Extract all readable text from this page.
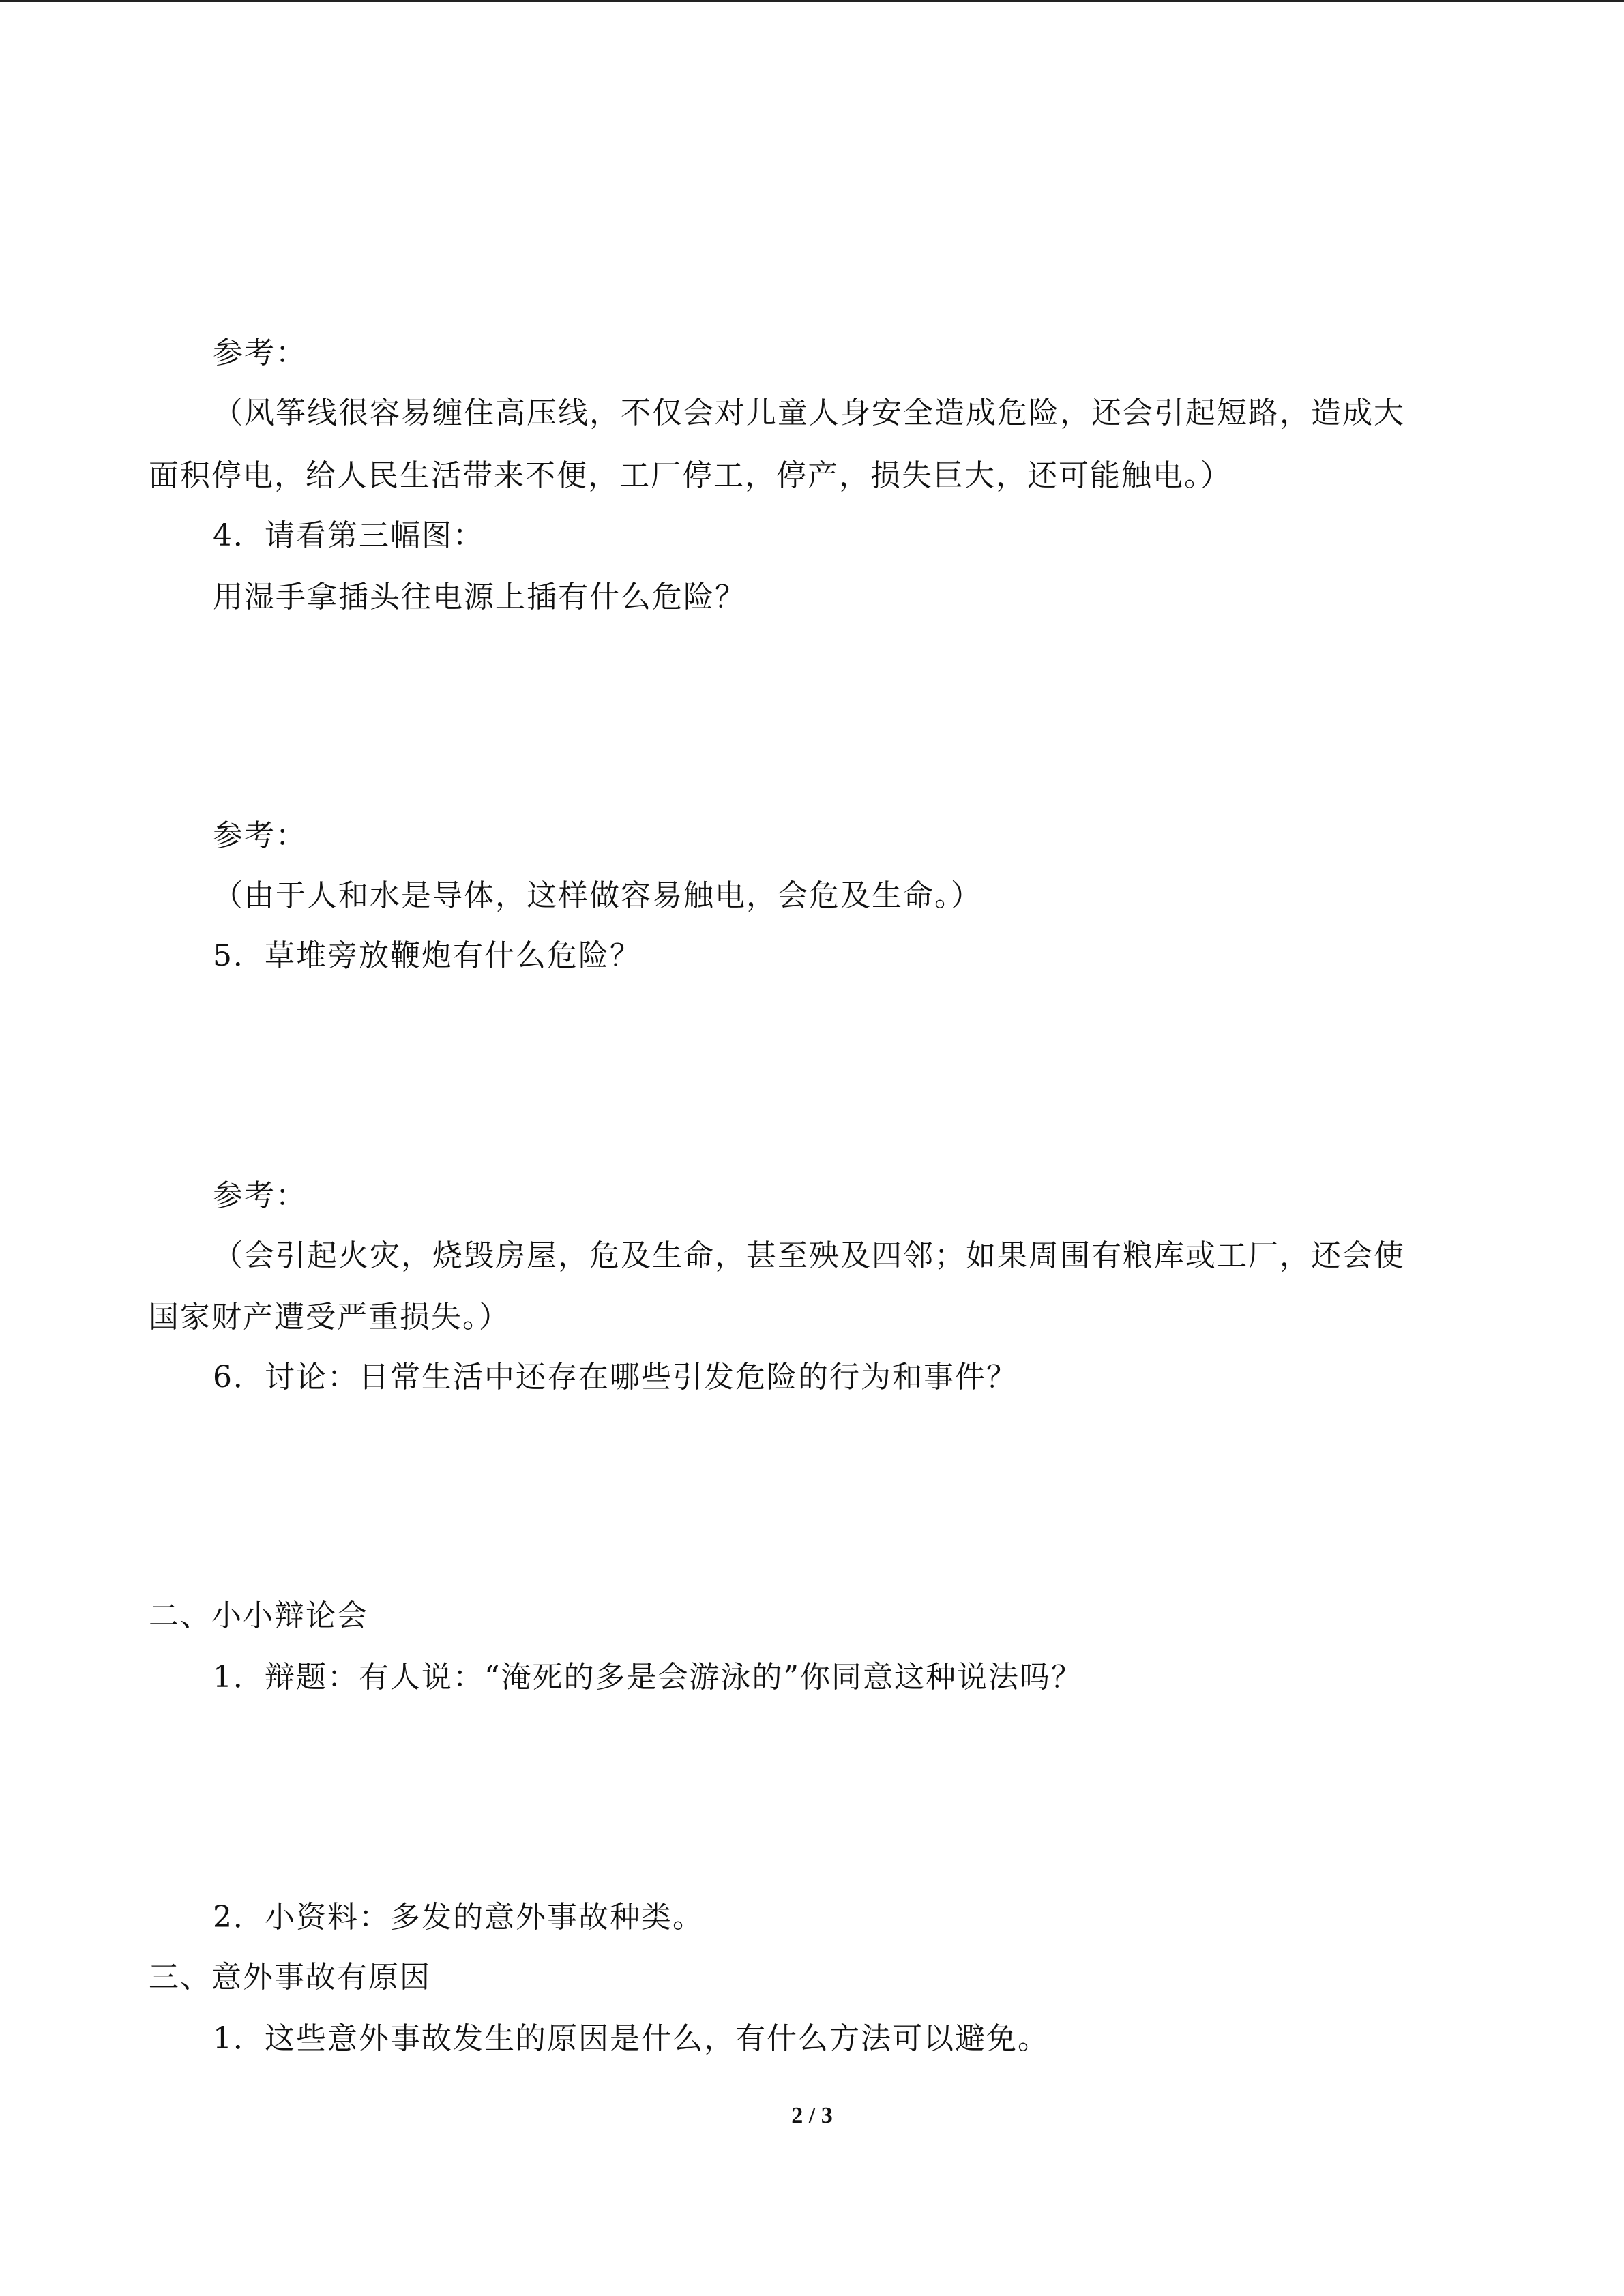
参考：
（风筝线很容易缠住高压线，不仅会对儿童人身安全造成危险，还会引起短路，造成大
面积停电，给人民生活带来不便，工厂停工，停产，损失巨大，还可能触电。）
4．请看第三幅图：
用湿手拿插头往电源上插有什么危险？
参考：
（由于人和水是导体，这样做容易触电，会危及生命。）
5．草堆旁放鞭炮有什么危险？
参考：
（会引起火灾，烧毁房屋，危及生命，甚至殃及四邻；如果周围有粮库或工厂，还会使
国家财产遭受严重损失。）
6．讨论：日常生活中还存在哪些引发危险的行为和事件？
二、小小辩论会
1．辩题：有人说：“淹死的多是会游泳的”你同意这种说法吗？
2．小资料：多发的意外事故种类。
三、意外事故有原因
1．这些意外事故发生的原因是什么，有什么方法可以避免。
2 / 3
